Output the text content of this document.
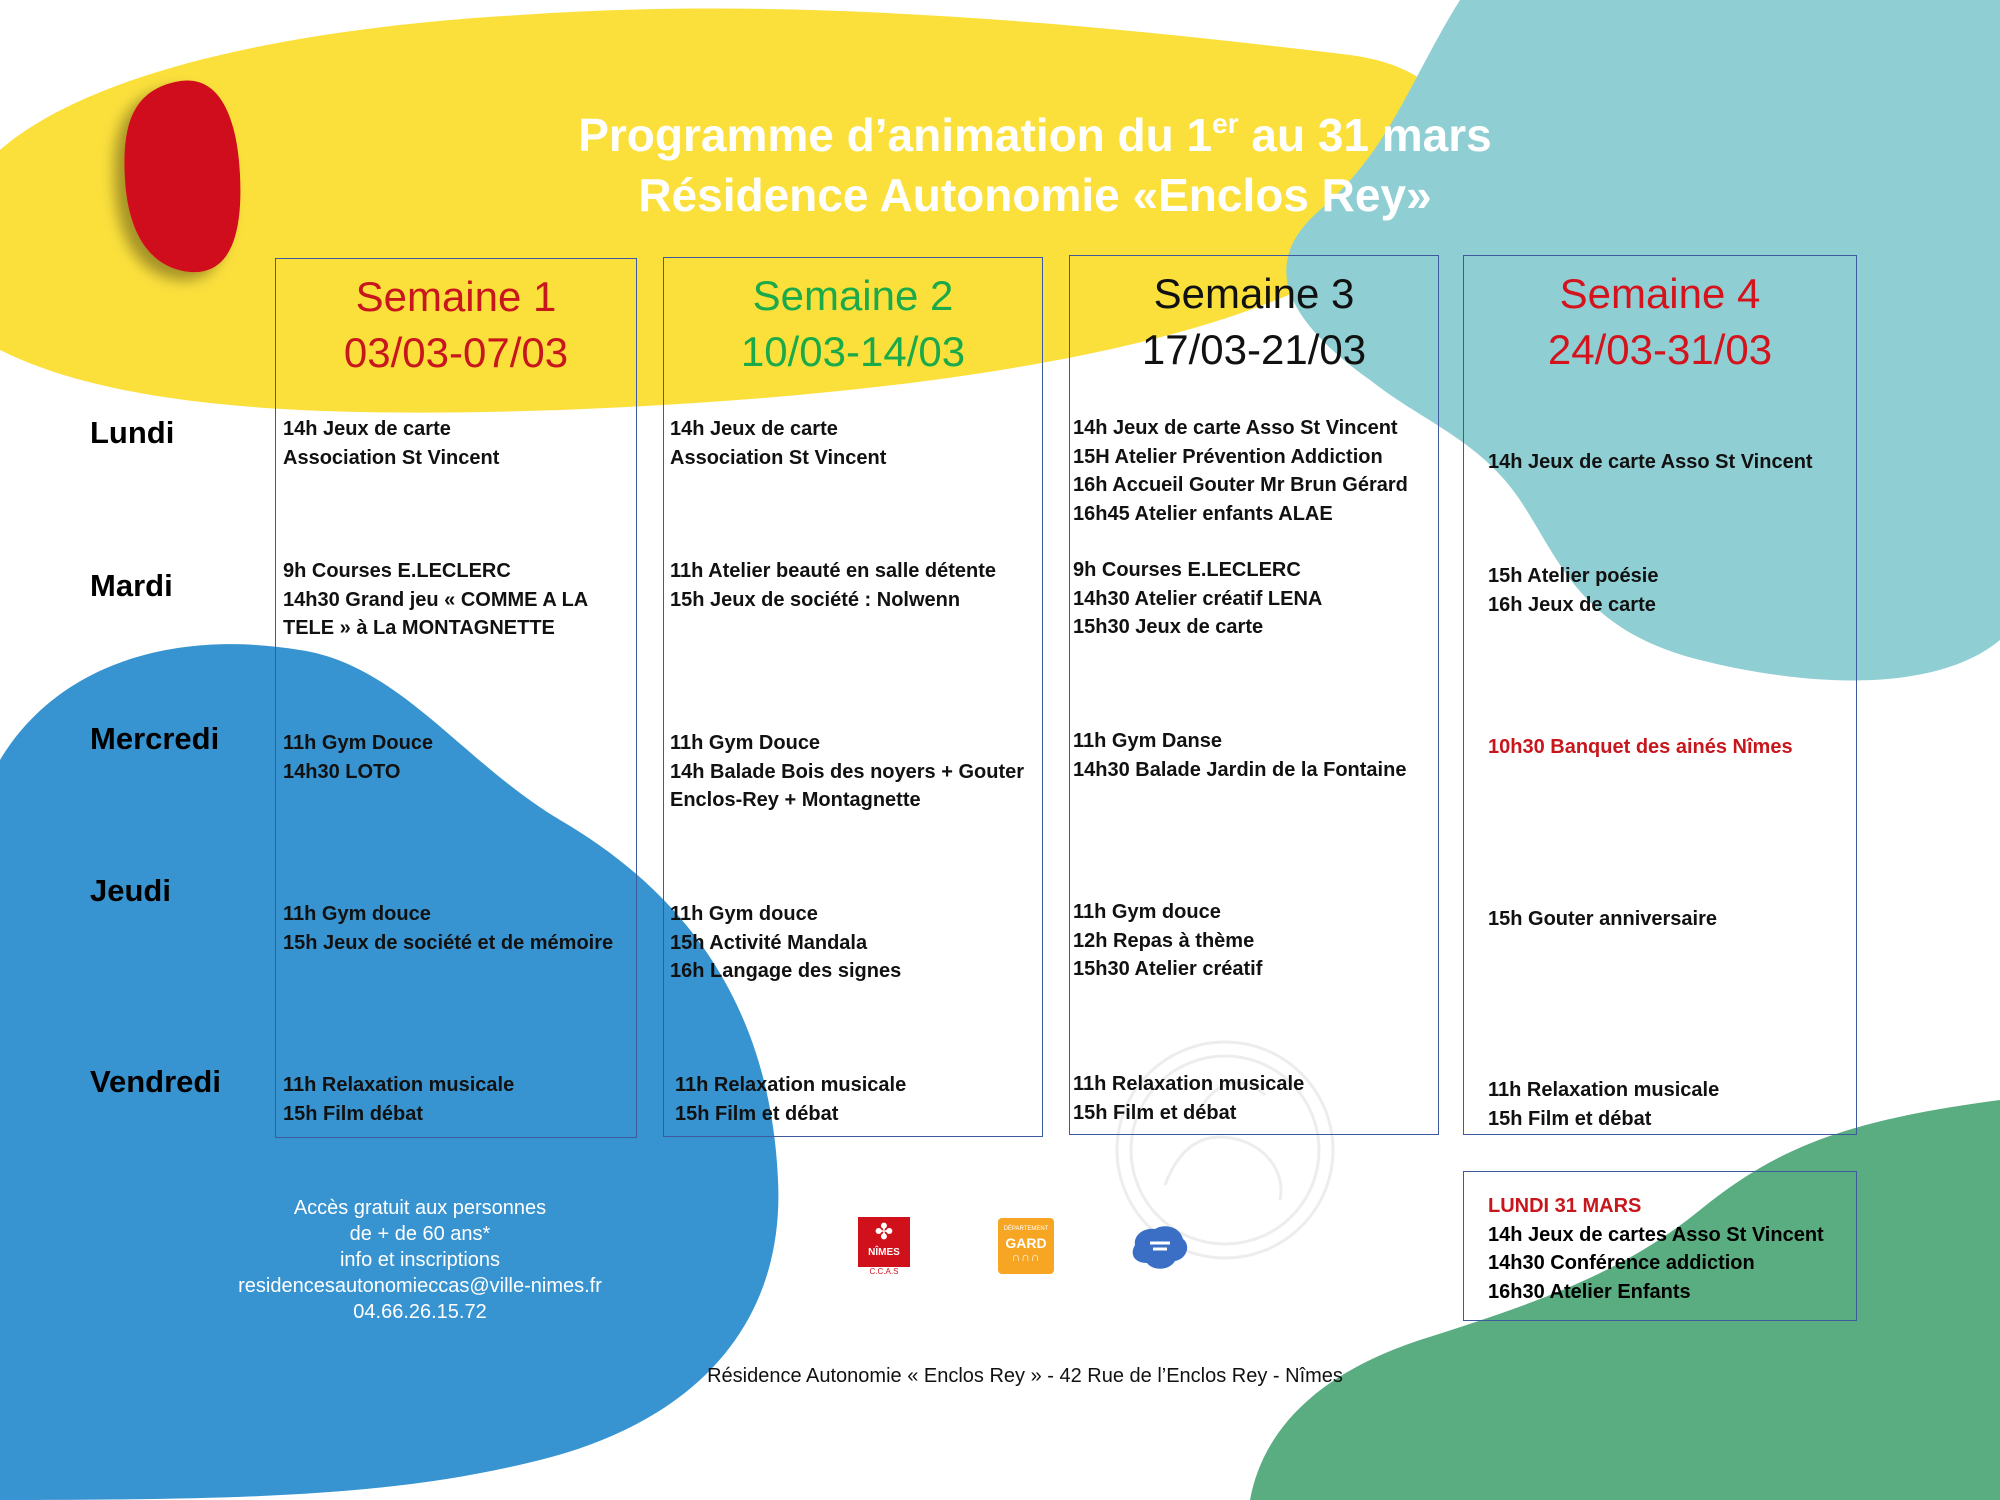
Programme d’animation du 1er au 31 mars
Résidence Autonomie «Enclos Rey»
Semaine 1
03/03-07/03
Semaine 2
10/03-14/03
Semaine 3
17/03-21/03
Semaine 4
24/03-31/03
Lundi
Mardi
Mercredi
Jeudi
Vendredi
14h Jeux de carte
Association St Vincent
9h Courses E.LECLERC
14h30 Grand jeu « COMME A LA
TELE » à La MONTAGNETTE
11h Gym Douce
14h30 LOTO
11h Gym douce
15h Jeux de société et de mémoire
11h Relaxation musicale
15h Film débat
14h Jeux de carte
Association St Vincent
11h Atelier beauté en salle détente
15h Jeux de société : Nolwenn
11h Gym Douce
14h Balade Bois des noyers + Gouter
Enclos-Rey + Montagnette
11h Gym douce
15h Activité Mandala
16h Langage des signes
11h Relaxation musicale
15h Film et débat
14h Jeux de carte Asso St Vincent
15H Atelier Prévention Addiction
16h Accueil Gouter Mr Brun Gérard
16h45 Atelier enfants ALAE
9h Courses E.LECLERC
14h30 Atelier créatif LENA
15h30 Jeux de carte
11h Gym Danse
14h30 Balade Jardin de la Fontaine
11h Gym douce
12h Repas à thème
15h30 Atelier créatif
11h Relaxation musicale
15h Film et débat
14h Jeux de carte Asso St Vincent
15h Atelier poésie
16h Jeux de carte
10h30 Banquet des ainés Nîmes
15h Gouter anniversaire
11h Relaxation musicale
15h Film et débat
LUNDI 31 MARS
14h Jeux de cartes Asso St Vincent
14h30 Conférence addiction
16h30 Atelier Enfants
Accès gratuit aux personnes
de + de 60 ans*
info et inscriptions
residencesautonomieccas@ville-nimes.fr
04.66.26.15.72
✤
NÎMES
C.C.A.S
DÉPARTEMENT
GARD
∩∩∩
Résidence Autonomie « Enclos Rey » - 42 Rue de l’Enclos Rey - Nîmes
